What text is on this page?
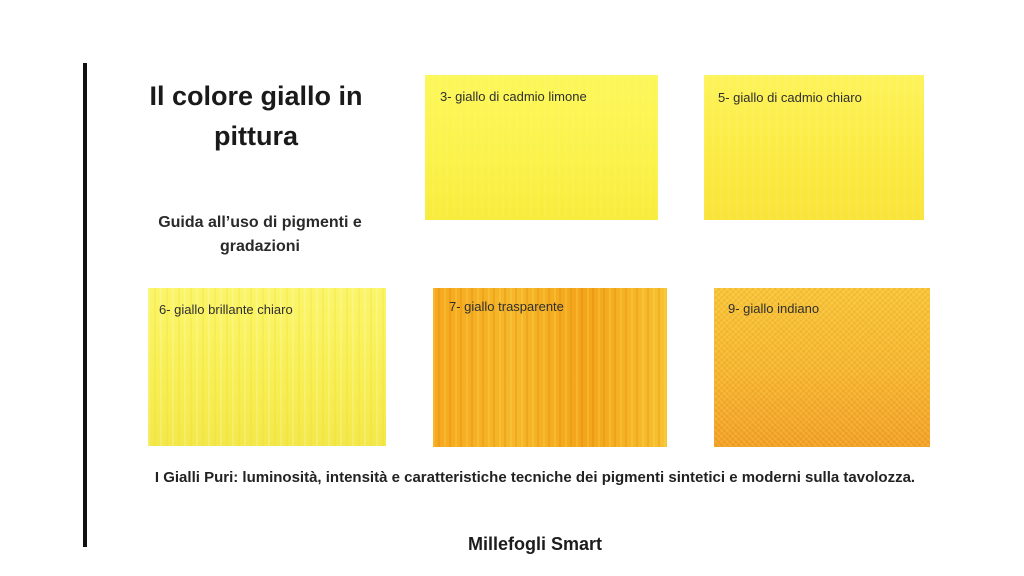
Il colore giallo in pittura
Guida all’uso di pigmenti e gradazioni
3- giallo di cadmio limone	5- giallo di cadmio chiaro
6- giallo brillante chiaro	7- giallo trasparente	9- giallo indiano
I Gialli Puri: luminosità, intensità e caratteristiche tecniche dei pigmenti sintetici e moderni sulla tavolozza.
Millefogli Smart
